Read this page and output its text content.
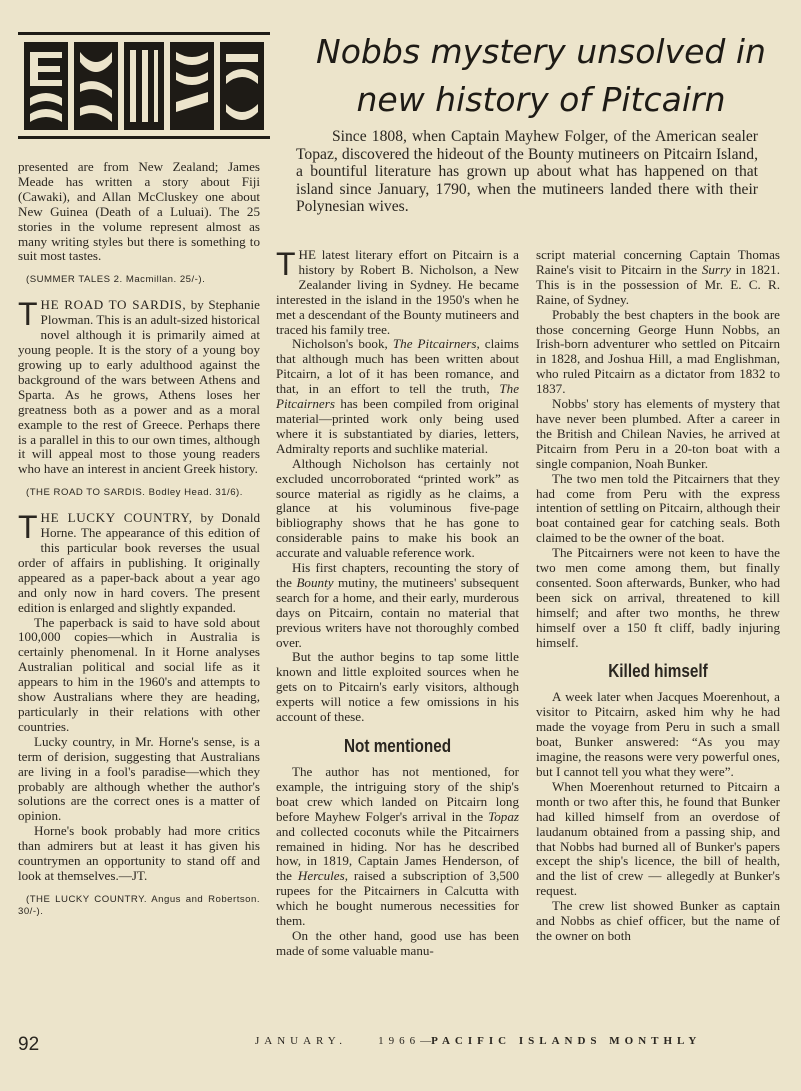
Nobbs mystery unsolved in
new history of Pitcairn
Since 1808, when Captain Mayhew Folger, of the American sealer Topaz, discovered the hideout of the Bounty mutineers on Pitcairn Island, a bountiful literature has grown up about what has happened on that island since January, 1790, when the mutineers landed there with their Polynesian wives.

presented are from New Zealand; James Meade has written a story about Fiji (Cawaki), and Allan McCluskey one about New Guinea (Death of a Luluai). The 25 stories in the volume represent almost as many writing styles but there is something to suit most tastes.

(SUMMER TALES 2. Macmillan. 25/-).

THE ROAD TO SARDIS, by Stephanie Plowman. This is an adult-sized historical novel although it is primarily aimed at young people. It is the story of a young boy growing up to early adulthood against the background of the wars between Athens and Sparta. As he grows, Athens loses her greatness both as a power and as a moral example to the rest of Greece. Perhaps there is a parallel in this to our own times, although it will appeal most to those young readers who have an interest in ancient Greek history.

(THE ROAD TO SARDIS. Bodley Head. 31/6).

THE LUCKY COUNTRY, by Donald Horne. The appearance of this edition of this particular book reverses the usual order of affairs in publishing. It originally appeared as a paper-back about a year ago and only now in hard covers. The present edition is enlarged and slightly expanded.

The paperback is said to have sold about 100,000 copies—which in Australia is certainly phenomenal. In it Horne analyses Australian political and social life as it appears to him in the 1960's and attempts to show Australians where they are heading, particularly in their relations with other countries.

Lucky country, in Mr. Horne's sense, is a term of derision, suggesting that Australians are living in a fool's paradise—which they probably are although whether the author's solutions are the correct ones is a matter of opinion.

Horne's book probably had more critics than admirers but at least it has given his countrymen an opportunity to stand off and look at themselves.—JT.

(THE LUCKY COUNTRY. Angus and Robertson. 30/-).

THE latest literary effort on Pitcairn is a history by Robert B. Nicholson, a New Zealander living in Sydney. He became interested in the island in the 1950's when he met a descendant of the Bounty mutineers and traced his family tree.

Nicholson's book, The Pitcairners, claims that although much has been written about Pitcairn, a lot of it has been romance, and that, in an effort to tell the truth, The Pitcairners has been compiled from original material—printed work only being used where it is substantiated by diaries, letters, Admiralty reports and suchlike material.

Although Nicholson has certainly not excluded uncorroborated “printed work” as source material as rigidly as he claims, a glance at his voluminous five-page bibliography shows that he has gone to considerable pains to make his book an accurate and valuable reference work.

His first chapters, recounting the story of the Bounty mutiny, the mutineers' subsequent search for a home, and their early, murderous days on Pitcairn, contain no material that previous writers have not thoroughly combed over.

But the author begins to tap some little known and little exploited sources when he gets on to Pitcairn's early visitors, although experts will notice a few omissions in his account of these.

Not mentioned

The author has not mentioned, for example, the intriguing story of the ship's boat crew which landed on Pitcairn long before Mayhew Folger's arrival in the Topaz and collected coconuts while the Pitcairners remained in hiding. Nor has he described how, in 1819, Captain James Henderson, of the Hercules, raised a subscription of 3,500 rupees for the Pitcairners in Calcutta with which he bought numerous necessities for them.

On the other hand, good use has been made of some valuable manu-

script material concerning Captain Thomas Raine's visit to Pitcairn in the Surry in 1821. This is in the possession of Mr. E. C. R. Raine, of Sydney.

Probably the best chapters in the book are those concerning George Hunn Nobbs, an Irish-born adventurer who settled on Pitcairn in 1828, and Joshua Hill, a mad Englishman, who ruled Pitcairn as a dictator from 1832 to 1837.

Nobbs' story has elements of mystery that have never been plumbed. After a career in the British and Chilean Navies, he arrived at Pitcairn from Peru in a 20-ton boat with a single companion, Noah Bunker.

The two men told the Pitcairners that they had come from Peru with the express intention of settling on Pitcairn, although their boat contained gear for catching seals. Both claimed to be the owner of the boat.

The Pitcairners were not keen to have the two men come among them, but finally consented. Soon afterwards, Bunker, who had been sick on arrival, threatened to kill himself; and after two months, he threw himself over a 150 ft cliff, badly injuring himself.

Killed himself

A week later when Jacques Moerenhout, a visitor to Pitcairn, asked him why he had made the voyage from Peru in such a small boat, Bunker answered: “As you may imagine, the reasons were very powerful ones, but I cannot tell you what they were”.

When Moerenhout returned to Pitcairn a month or two after this, he found that Bunker had killed himself from an overdose of laudanum obtained from a passing ship, and that Nobbs had burned all of Bunker's papers except the ship's licence, the bill of health, and the list of crew — allegedly at Bunker's request.

The crew list showed Bunker as captain and Nobbs as chief officer, but the name of the owner on both

92	JANUARY.	1966—PACIFIC ISLANDS MONTHLY
